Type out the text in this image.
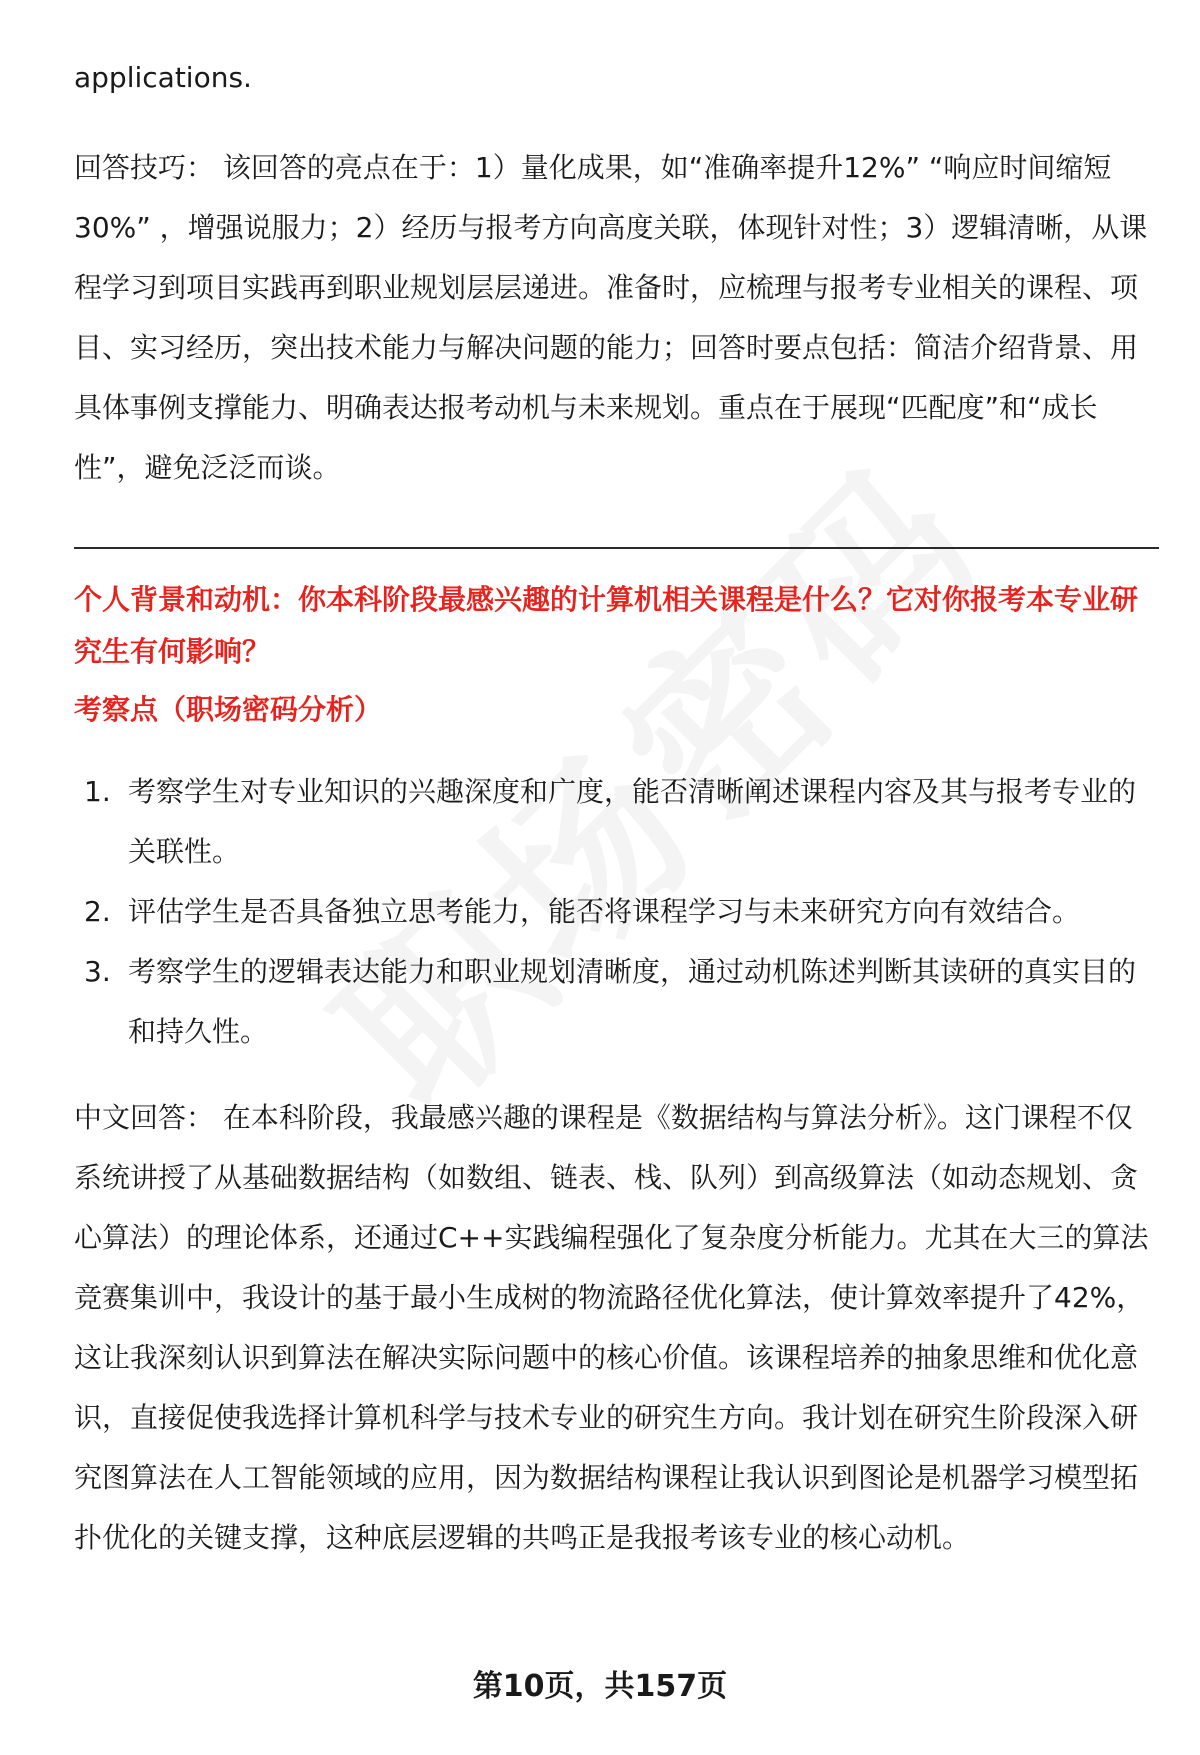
applications.

回答技巧： 该回答的亮点在于：1）量化成果，如“准确率提升12%” “响应时间缩短30%” ，增强说服力；2）经历与报考方向高度关联，体现针对性；3）逻辑清晰，从课程学习到项目实践再到职业规划层层递进。准备时，应梳理与报考专业相关的课程、项目、实习经历，突出技术能力与解决问题的能力；回答时要点包括：简洁介绍背景、用具体事例支撑能力、明确表达报考动机与未来规划。重点在于展现“匹配度”和“成长性”，避免泛泛而谈。

个人背景和动机：你本科阶段最感兴趣的计算机相关课程是什么？它对你报考本专业研究生有何影响？

考察点（职场密码分析）

1. 考察学生对专业知识的兴趣深度和广度，能否清晰阐述课程内容及其与报考专业的关联性。
2. 评估学生是否具备独立思考能力，能否将课程学习与未来研究方向有效结合。
3. 考察学生的逻辑表达能力和职业规划清晰度，通过动机陈述判断其读研的真实目的和持久性。

中文回答： 在本科阶段，我最感兴趣的课程是《数据结构与算法分析》。这门课程不仅系统讲授了从基础数据结构（如数组、链表、栈、队列）到高级算法（如动态规划、贪心算法）的理论体系，还通过C++实践编程强化了复杂度分析能力。尤其在大三的算法竞赛集训中，我设计的基于最小生成树的物流路径优化算法，使计算效率提升了42%，这让我深刻认识到算法在解决实际问题中的核心价值。该课程培养的抽象思维和优化意识，直接促使我选择计算机科学与技术专业的研究生方向。我计划在研究生阶段深入研究图算法在人工智能领域的应用，因为数据结构课程让我认识到图论是机器学习模型拓扑优化的关键支撑，这种底层逻辑的共鸣正是我报考该专业的核心动机。

第10页，共157页
